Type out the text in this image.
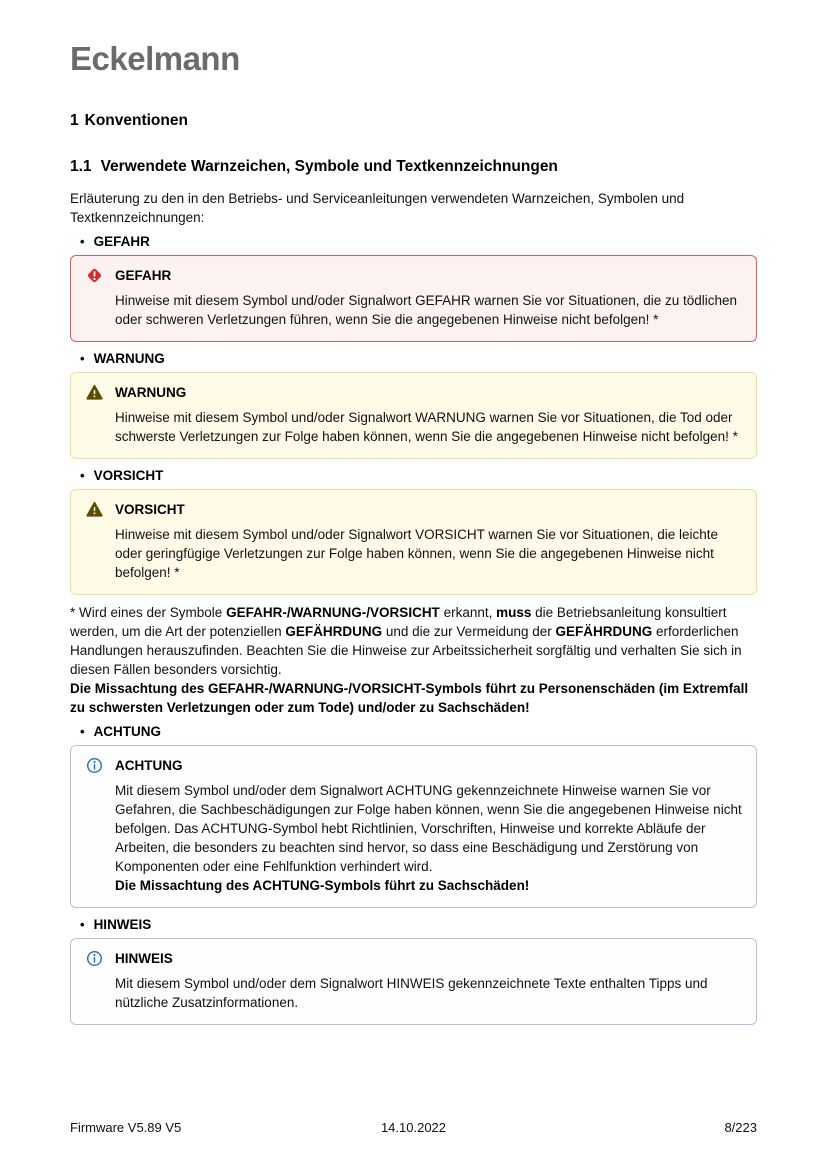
Eckelmann
1 Konventionen
1.1 Verwendete Warnzeichen, Symbole und Textkennzeichnungen

Erläuterung zu den in den Betriebs- und Serviceanleitungen verwendeten Warnzeichen, Symbolen und Textkennzeichnungen:

•
GEFAHR
GEFAHR
Hinweise mit diesem Symbol und/oder Signalwort GEFAHR warnen Sie vor Situationen, die zu tödlichen oder schweren Verletzungen führen, wenn Sie die angegebenen Hinweise nicht befolgen! *
•
WARNUNG
WARNUNG
Hinweise mit diesem Symbol und/oder Signalwort WARNUNG warnen Sie vor Situationen, die Tod oder schwerste Verletzungen zur Folge haben können, wenn Sie die angegebenen Hinweise nicht befolgen! *
•
VORSICHT
VORSICHT
Hinweise mit diesem Symbol und/oder Signalwort VORSICHT warnen Sie vor Situationen, die leichte oder geringfügige Verletzungen zur Folge haben können, wenn Sie die angegebenen Hinweise nicht befolgen! *

* Wird eines der Symbole GEFAHR-/WARNUNG-/VORSICHT erkannt, muss die Betriebsanleitung konsultiert werden, um die Art der potenziellen GEFÄHRDUNG und die zur Vermeidung der GEFÄHRDUNG erforderlichen Handlungen herauszufinden. Beachten Sie die Hinweise zur Arbeitssicherheit sorgfältig und verhalten Sie sich in diesen Fällen besonders vorsichtig.
Die Missachtung des GEFAHR-/WARNUNG-/VORSICHT-Symbols führt zu Personenschäden (im Extremfall zu schwersten Verletzungen oder zum Tode) und/oder zu Sachschäden!

•
ACHTUNG
ACHTUNG
Mit diesem Symbol und/oder dem Signalwort ACHTUNG gekennzeichnete Hinweise warnen Sie vor Gefahren, die Sachbeschädigungen zur Folge haben können, wenn Sie die angegebenen Hinweise nicht befolgen. Das ACHTUNG-Symbol hebt Richtlinien, Vorschriften, Hinweise und korrekte Abläufe der Arbeiten, die besonders zu beachten sind hervor, so dass eine Beschädigung und Zerstörung von Komponenten oder eine Fehlfunktion verhindert wird.
Die Missachtung des ACHTUNG-Symbols führt zu Sachschäden!
•
HINWEIS
HINWEIS
Mit diesem Symbol und/oder dem Signalwort HINWEIS gekennzeichnete Texte enthalten Tipps und nützliche Zusatzinformationen.
Firmware V5.89 V5	14.10.2022	8/223
